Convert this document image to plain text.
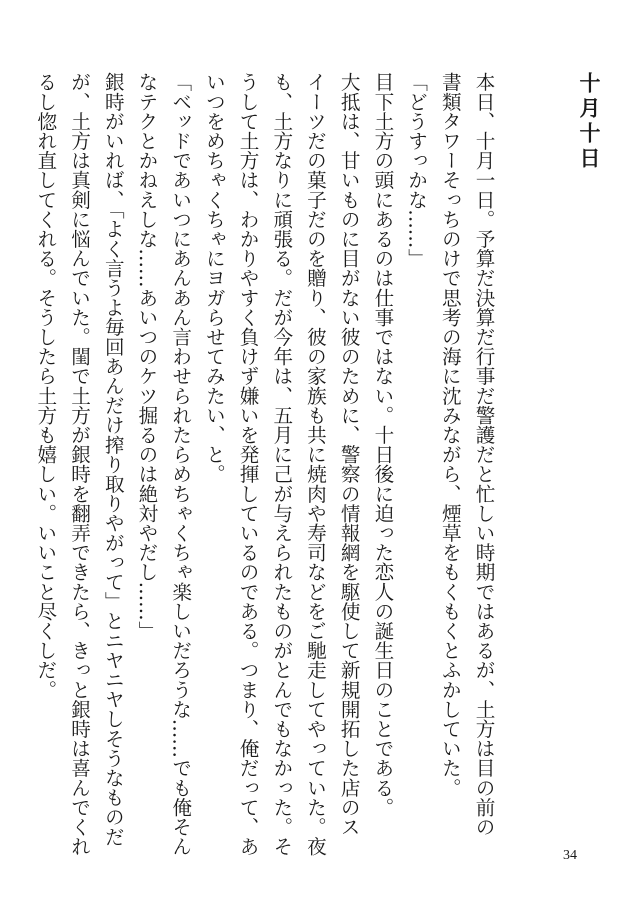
十月十日

本日、十月一日。予算だ決算だ行事だ警護だと忙しい時期ではあるが、土方は目の前の

書類タワーそっちのけで思考の海に沈みながら、煙草をもくもくとふかしていた。

「どうすっかな……」

目下土方の頭にあるのは仕事ではない。十日後に迫った恋人の誕生日のことである。

大抵は、甘いものに目がない彼のために、警察の情報網を駆使して新規開拓した店のス

イーツだの菓子だのを贈り、彼の家族も共に焼肉や寿司などをご馳走してやっていた。夜

も、土方なりに頑張る。だが今年は、五月に己が与えられたものがとんでもなかった。そ

うして土方は、わかりやすく負けず嫌いを発揮しているのである。つまり、俺だって、あ

いつをめちゃくちゃにヨガらせてみたい、と。

「ベッドであいつにあんあん言わせられたらめちゃくちゃ楽しいだろうな……でも俺そん

なテクとかねえしな……あいつのケツ掘るのは絶対やだし……」

銀時がいれば、「よく言うよ毎回あんだけ搾り取りやがって」とニヤニヤしそうなものだ

が、土方は真剣に悩んでいた。閨で土方が銀時を翻弄できたら、きっと銀時は喜んでくれ

るし惚れ直してくれる。そうしたら土方も嬉しい。いいこと尽くしだ。

34
